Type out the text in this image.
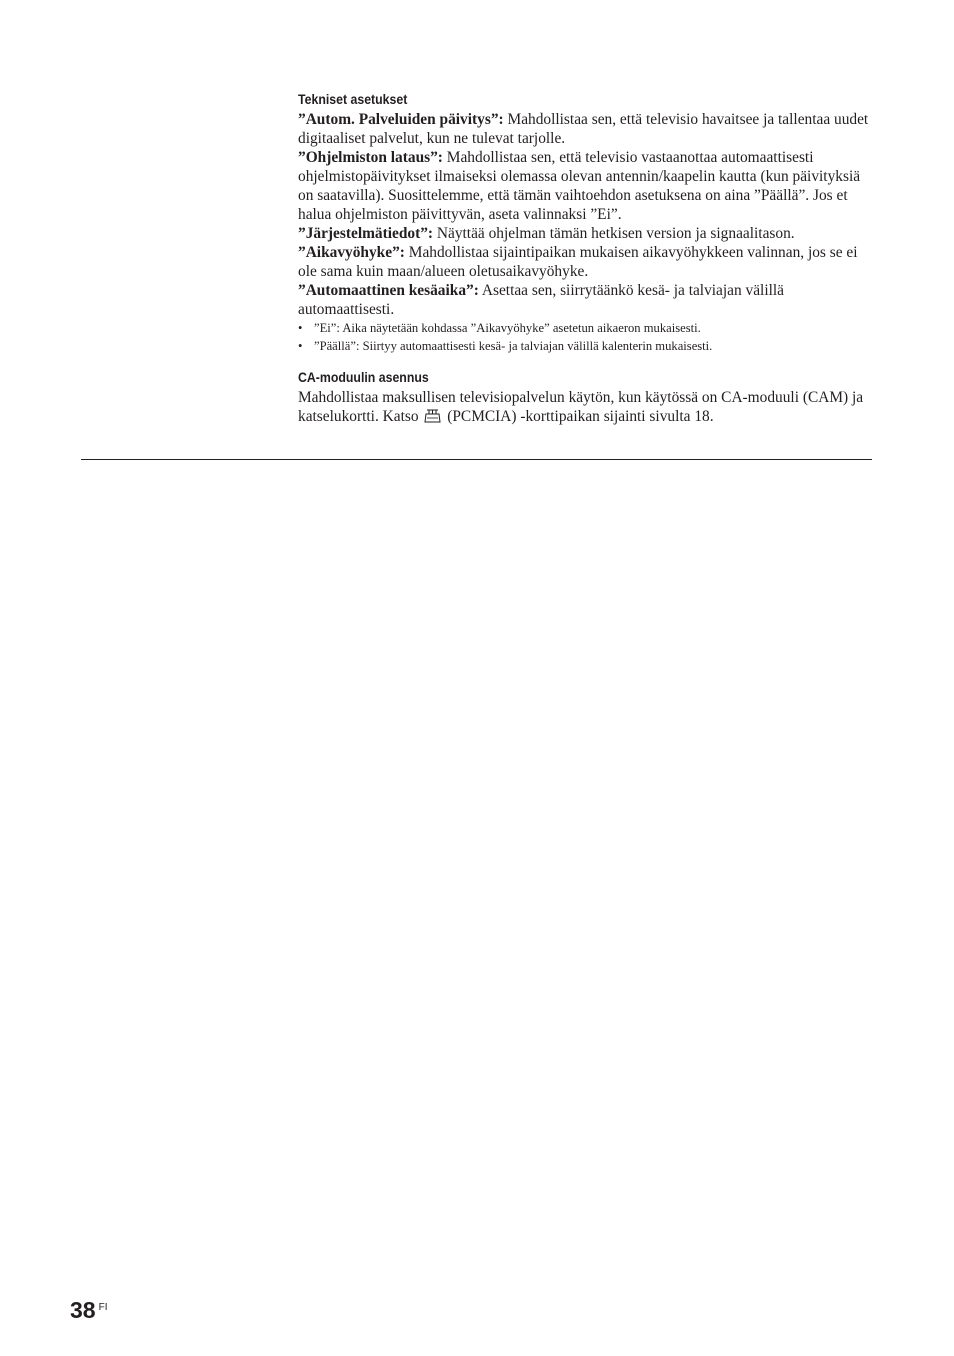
Tekniset asetukset

”Autom. Palveluiden päivitys”: Mahdollistaa sen, että televisio havaitsee ja tallentaa uudet digitaaliset palvelut, kun ne tulevat tarjolle.

”Ohjelmiston lataus”: Mahdollistaa sen, että televisio vastaanottaa automaattisesti ohjelmistopäivitykset ilmaiseksi olemassa olevan antennin/kaapelin kautta (kun päivityksiä on saatavilla). Suosittelemme, että tämän vaihtoehdon asetuksena on aina ”Päällä”. Jos et halua ohjelmiston päivittyvän, aseta valinnaksi ”Ei”.

”Järjestelmätiedot”: Näyttää ohjelman tämän hetkisen version ja signaalitason.

”Aikavyöhyke”: Mahdollistaa sijaintipaikan mukaisen aikavyöhykkeen valinnan, jos se ei ole sama kuin maan/alueen oletusaikavyöhyke.

”Automaattinen kesäaika”: Asettaa sen, siirrytäänkö kesä- ja talviajan välillä automaattisesti.

• ”Ei”: Aika näytetään kohdassa ”Aikavyöhyke” asetetun aikaeron mukaisesti.
• ”Päällä”: Siirtyy automaattisesti kesä- ja talviajan välillä kalenterin mukaisesti.
CA-moduulin asennus

Mahdollistaa maksullisen televisiopalvelun käytön, kun käytössä on CA-moduuli (CAM) ja katselukortti. Katso  (PCMCIA) -korttipaikan sijainti sivulta 18.

38 $^{FI}$
